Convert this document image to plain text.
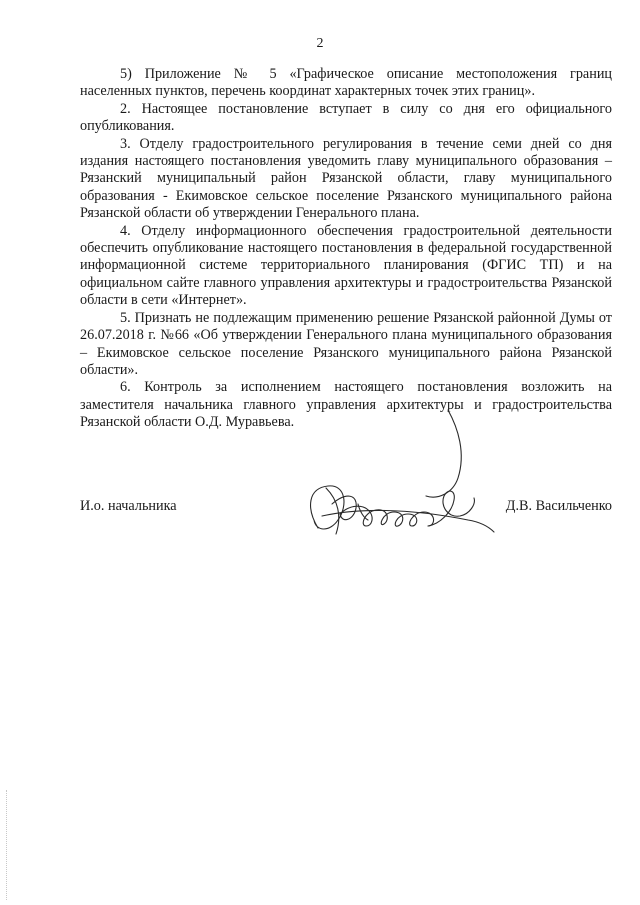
2

5) Приложение № 5 «Графическое описание местоположения границ населенных пунктов, перечень координат характерных точек этих границ».

2. Настоящее постановление вступает в силу со дня его официального опубликования.

3. Отделу градостроительного регулирования в течение семи дней со дня издания настоящего постановления уведомить главу муниципального образования – Рязанский муниципальный район Рязанской области, главу муниципального образования - Екимовское сельское поселение Рязанского муниципального района Рязанской области об утверждении Генерального плана.

4. Отделу информационного обеспечения градостроительной деятельности обеспечить опубликование настоящего постановления в федеральной государственной информационной системе территориального планирования (ФГИС ТП) и на официальном сайте главного управления архитектуры и градостроительства Рязанской области в сети «Интернет».

5. Признать не подлежащим применению решение Рязанской районной Думы от 26.07.2018 г. №66 «Об утверждении Генерального плана муниципального образования – Екимовское сельское поселение Рязанского муниципального района Рязанской области».

6. Контроль за исполнением настоящего постановления возложить на заместителя начальника главного управления архитектуры и градостроительства Рязанской области О.Д. Муравьева.

И.о. начальника	Д.В. Васильченко
